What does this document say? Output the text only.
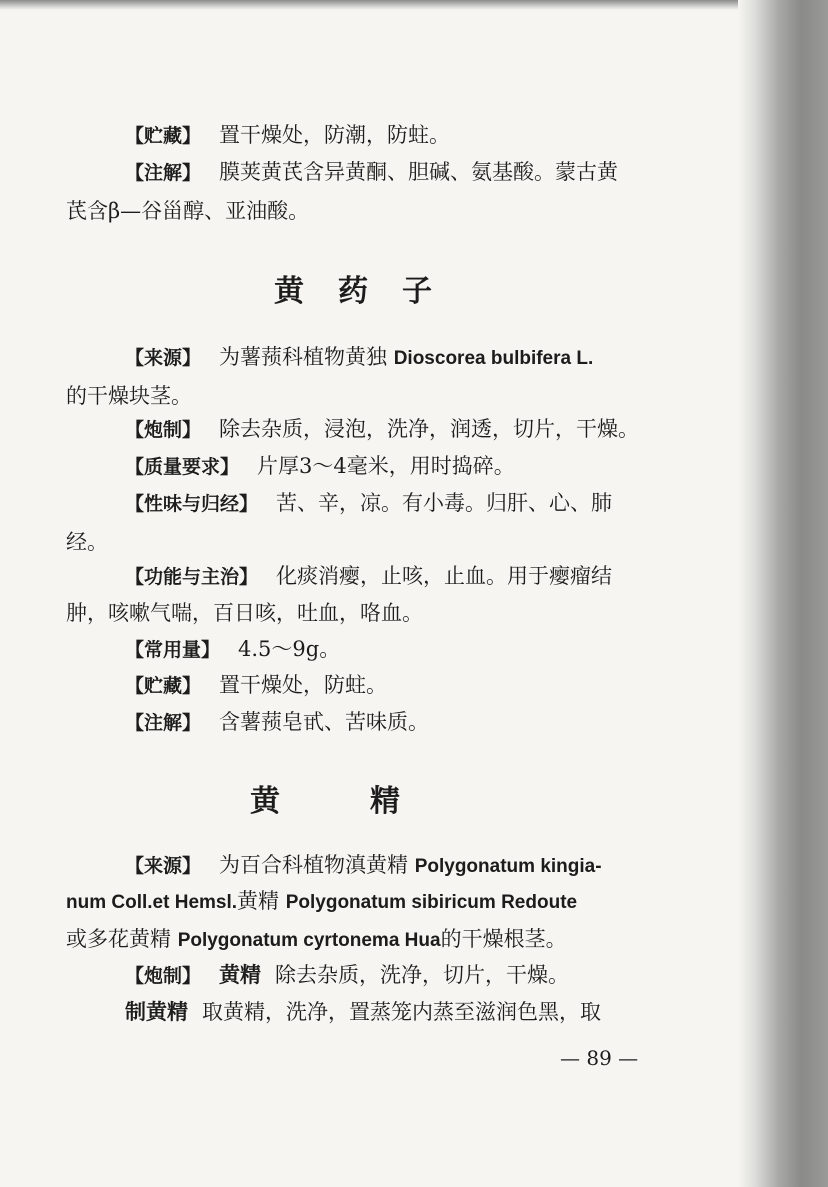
【贮藏】 置干燥处，防潮，防蛀。

【注解】 膜荚黄芪含异黄酮、胆碱、氨基酸。蒙古黄

芪含β—谷甾醇、亚油酸。

黄药子

【来源】 为薯蓣科植物黄独 Dioscorea bulbifera L.

的干燥块茎。

【炮制】 除去杂质，浸泡，洗净，润透，切片，干燥。

【质量要求】 片厚3～4毫米，用时捣碎。

【性味与归经】 苦、辛，凉。有小毒。归肝、心、肺

经。

【功能与主治】 化痰消瘿，止咳，止血。用于瘿瘤结

肿，咳嗽气喘，百日咳，吐血，咯血。

【常用量】 4.5～9g。

【贮藏】 置干燥处，防蛀。

【注解】 含薯蓣皂甙、苦味质。

黄精

【来源】 为百合科植物滇黄精 Polygonatum kingia-

num Coll.et Hemsl.黄精 Polygonatum sibiricum Redoute

或多花黄精 Polygonatum cyrtonema Hua的干燥根茎。

【炮制】 黄精 除去杂质，洗净，切片，干燥。

制黄精 取黄精，洗净，置蒸笼内蒸至滋润色黑，取

— 89 —
